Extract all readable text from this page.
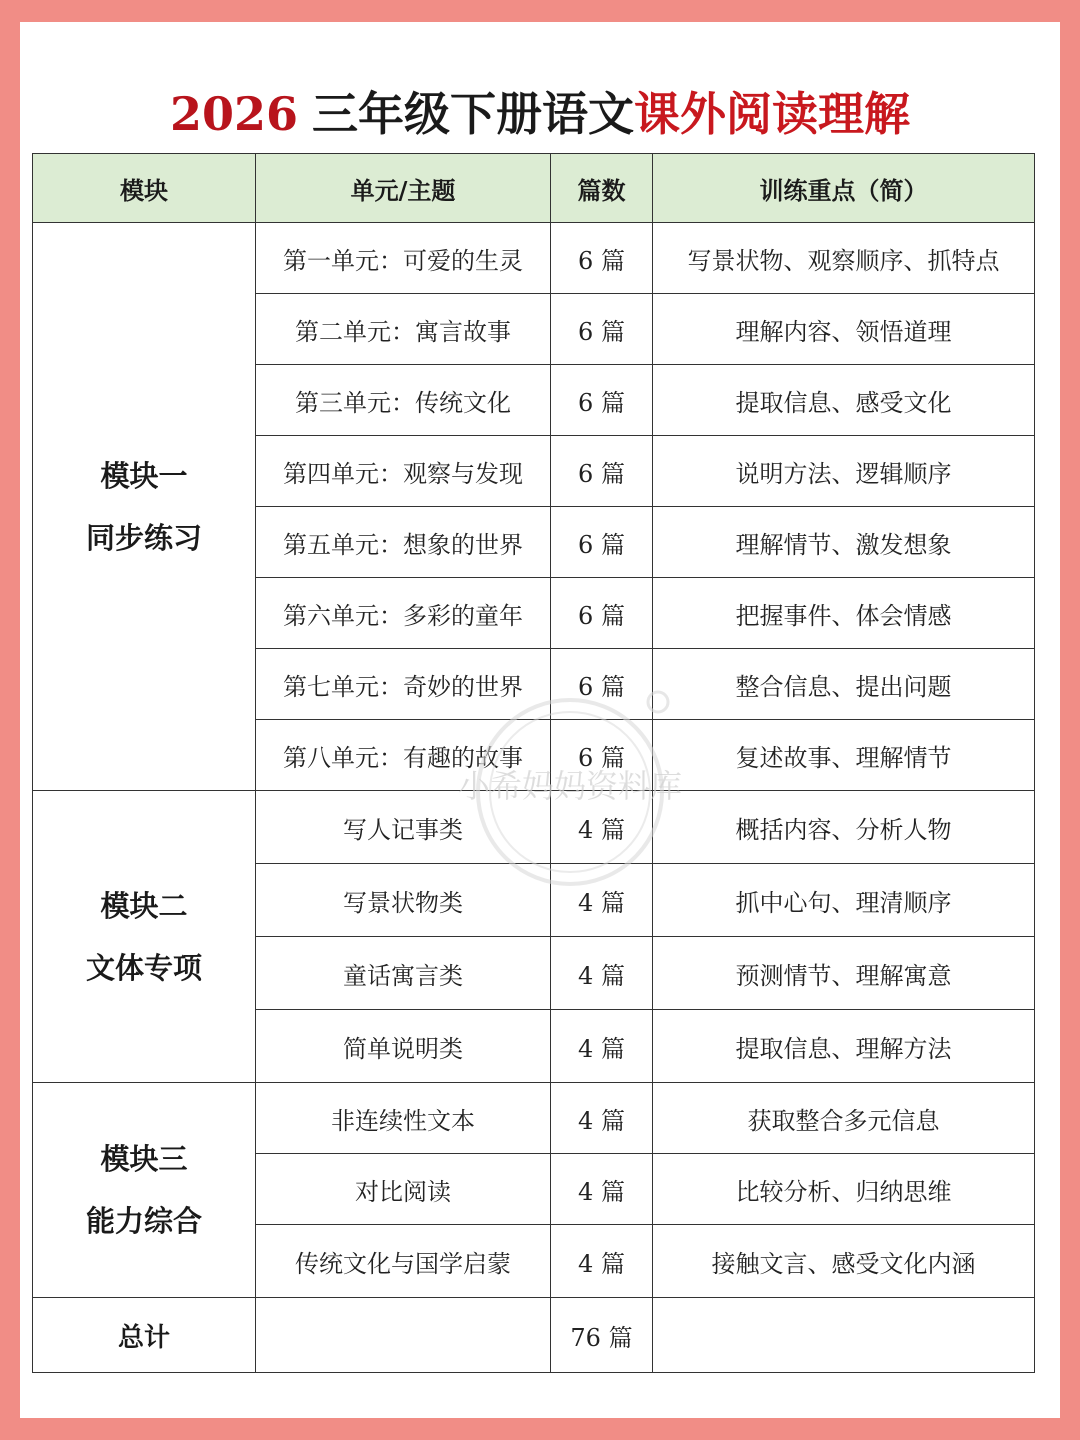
2026 三年级下册语文课外阅读理解
模块	单元/主题	篇数	训练重点（简）

模块一
同步练习	第一单元：可爱的生灵	6 篇	写景状物、观察顺序、抓特点
	第二单元：寓言故事	6 篇	理解内容、领悟道理
	第三单元：传统文化	6 篇	提取信息、感受文化
	第四单元：观察与发现	6 篇	说明方法、逻辑顺序
	第五单元：想象的世界	6 篇	理解情节、激发想象
	第六单元：多彩的童年	6 篇	把握事件、体会情感
	第七单元：奇妙的世界	6 篇	整合信息、提出问题
	第八单元：有趣的故事	6 篇	复述故事、理解情节

模块二
文体专项	写人记事类	4 篇	概括内容、分析人物
	写景状物类	4 篇	抓中心句、理清顺序
	童话寓言类	4 篇	预测情节、理解寓意
	简单说明类	4 篇	提取信息、理解方法

模块三
能力综合	非连续性文本	4 篇	获取整合多元信息
	对比阅读	4 篇	比较分析、归纳思维
	传统文化与国学启蒙	4 篇	接触文言、感受文化内涵
总计		76 篇	
小希妈妈资料库
